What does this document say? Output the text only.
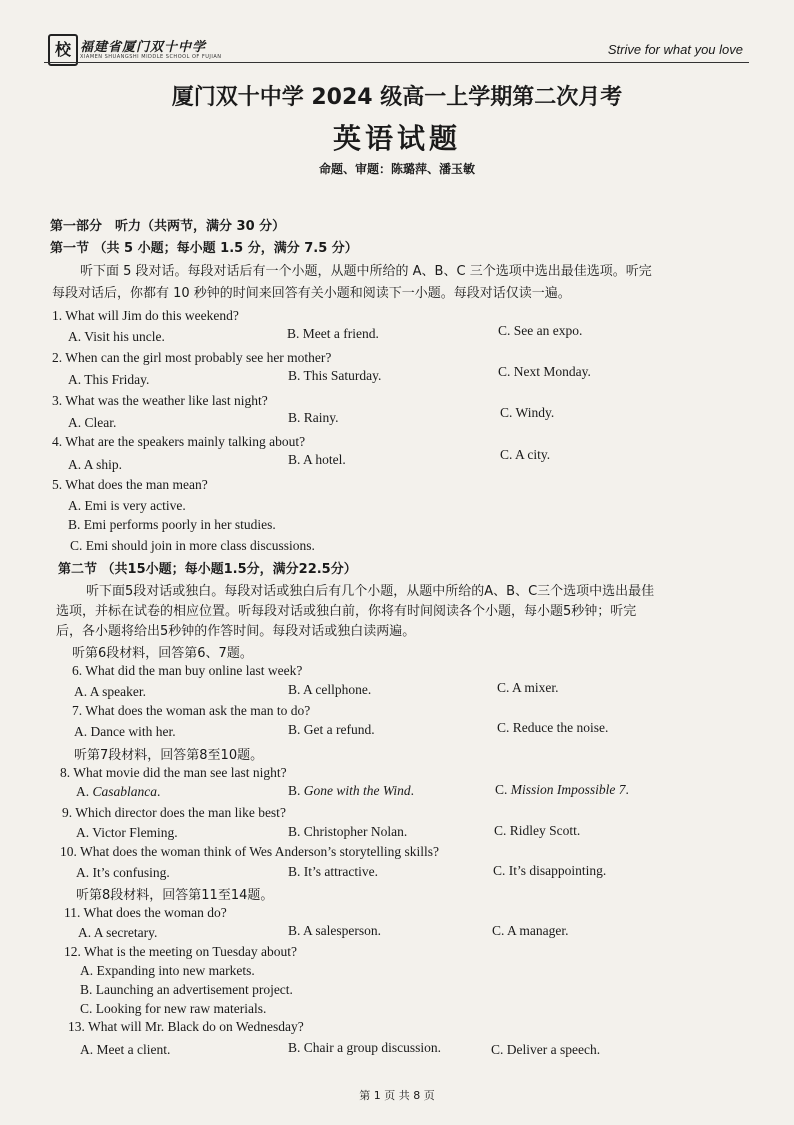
校 福建省厦门双十中学
XIAMEN SHUANGSHI MIDDLE SCHOOL OF FUJIAN	Strive for what you love
厦门双十中学 2024 级高一上学期第二次月考
英语试题
命题、审题：陈璐萍、潘玉敏
第一部分　听力（共两节，满分 30 分）
第一节 （共 5 小题；每小题 1.5 分，满分 7.5 分）
听下面 5 段对话。每段对话后有一个小题，从题中所给的 A、B、C 三个选项中选出最佳选项。听完
每段对话后，你都有 10 秒钟的时间来回答有关小题和阅读下一小题。每段对话仅读一遍。
1. What will Jim do this weekend?
A. Visit his uncle.	B. Meet a friend.	C. See an expo.
2. When can the girl most probably see her mother?
A. This Friday.	B. This Saturday.	C. Next Monday.
3. What was the weather like last night?
A. Clear.	B. Rainy.	C. Windy.
4. What are the speakers mainly talking about?
A. A ship.	B. A hotel.	C. A city.
5. What does the man mean?
A. Emi is very active.
B. Emi performs poorly in her studies.
C. Emi should join in more class discussions.
第二节 （共15小题；每小题1.5分，满分22.5分）
听下面5段对话或独白。每段对话或独白后有几个小题，从题中所给的A、B、C三个选项中选出最佳
选项，并标在试卷的相应位置。听每段对话或独白前，你将有时间阅读各个小题，每小题5秒钟；听完
后，各小题将给出5秒钟的作答时间。每段对话或独白读两遍。
听第6段材料，回答第6、7题。
6. What did the man buy online last week?
A. A speaker.	B. A cellphone.	C. A mixer.
7. What does the woman ask the man to do?
A. Dance with her.	B. Get a refund.	C. Reduce the noise.
听第7段材料，回答第8至10题。
8. What movie did the man see last night?
A. Casablanca.	B. Gone with the Wind.	C. Mission Impossible 7.
9. Which director does the man like best?
A. Victor Fleming.	B. Christopher Nolan.	C. Ridley Scott.
10. What does the woman think of Wes Anderson’s storytelling skills?
A. It’s confusing.	B. It’s attractive.	C. It’s disappointing.
听第8段材料，回答第11至14题。
11. What does the woman do?
A. A secretary.	B. A salesperson.	C. A manager.
12. What is the meeting on Tuesday about?
A. Expanding into new markets.
B. Launching an advertisement project.
C. Looking for new raw materials.
13. What will Mr. Black do on Wednesday?
A. Meet a client.	B. Chair a group discussion.	C. Deliver a speech.
第 1 页 共 8 页
